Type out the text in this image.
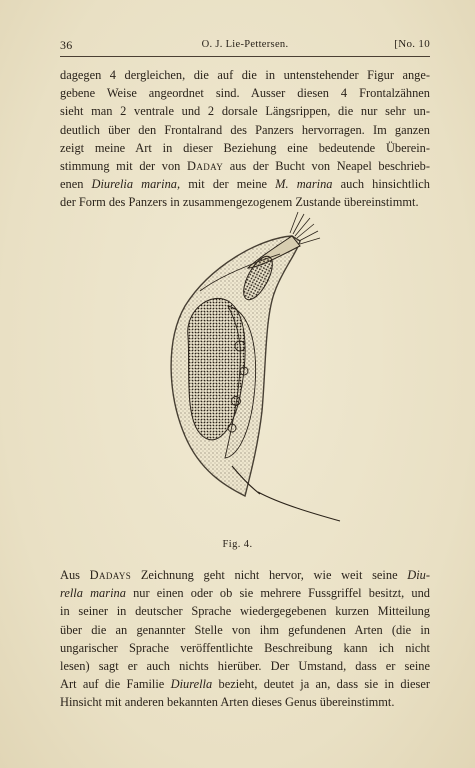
36	O. J. Lie-Pettersen.	[No. 10
dagegen 4 dergleichen, die auf die in untenstehender Figur ange-
gebene Weise angeordnet sind. Ausser diesen 4 Frontalzähnen
sieht man 2 ventrale und 2 dorsale Längsrippen, die nur sehr un-
deutlich über den Frontalrand des Panzers hervorragen. Im ganzen
zeigt meine Art in dieser Beziehung eine bedeutende Überein-
stimmung mit der von Daday aus der Bucht von Neapel beschrieb-
enen Diurelia marina, mit der meine M. marina auch hinsichtlich
der Form des Panzers in zusammengezogenem Zustande übereinstimmt.
Fig. 4.
Aus Dadays Zeichnung geht nicht hervor, wie weit seine Diu-
rella marina nur einen oder ob sie mehrere Fussgriffel besitzt, und
in seiner in deutscher Sprache wiedergegebenen kurzen Mitteilung
über die an genannter Stelle von ihm gefundenen Arten (die in
ungarischer Sprache veröffentlichte Beschreibung kann ich nicht
lesen) sagt er auch nichts hierüber. Der Umstand, dass er seine
Art auf die Familie Diurella bezieht, deutet ja an, dass sie in dieser
Hinsicht mit anderen bekannten Arten dieses Genus übereinstimmt.
